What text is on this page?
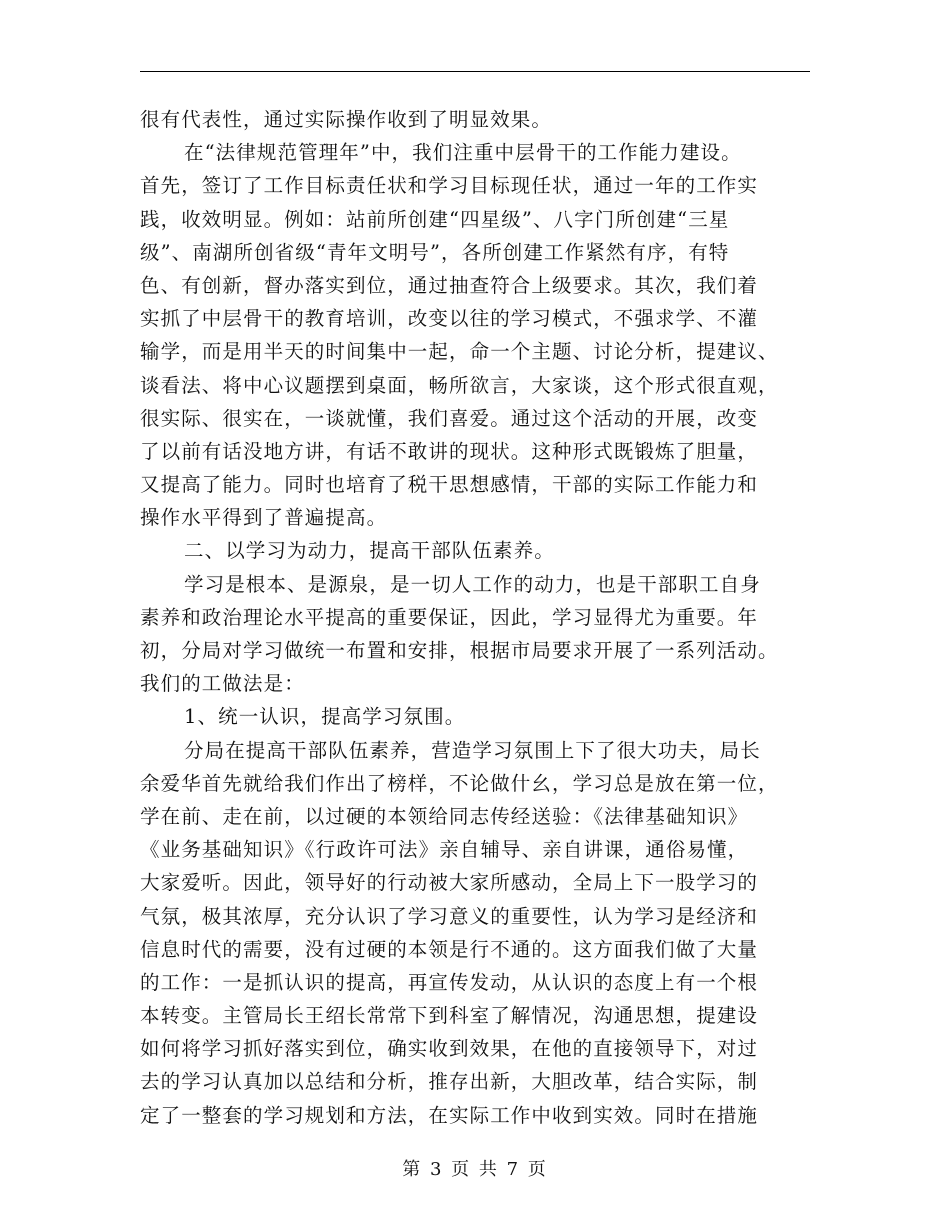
很有代表性，通过实际操作收到了明显效果。
在“法律规范管理年”中，我们注重中层骨干的工作能力建设。
首先，签订了工作目标责任状和学习目标现任状，通过一年的工作实
践，收效明显。例如：站前所创建“四星级”、八字门所创建“三星
级”、南湖所创省级“青年文明号”，各所创建工作紧然有序，有特
色、有创新，督办落实到位，通过抽查符合上级要求。其次，我们着
实抓了中层骨干的教育培训，改变以往的学习模式，不强求学、不灌
输学，而是用半天的时间集中一起，命一个主题、讨论分析，提建议、
谈看法、将中心议题摆到桌面，畅所欲言，大家谈，这个形式很直观，
很实际、很实在，一谈就懂，我们喜爱。通过这个活动的开展，改变
了以前有话没地方讲，有话不敢讲的现状。这种形式既锻炼了胆量，
又提高了能力。同时也培育了税干思想感情，干部的实际工作能力和
操作水平得到了普遍提高。
二、以学习为动力，提高干部队伍素养。
学习是根本、是源泉，是一切人工作的动力，也是干部职工自身
素养和政治理论水平提高的重要保证，因此，学习显得尤为重要。年
初，分局对学习做统一布置和安排，根据市局要求开展了一系列活动。
我们的工做法是：
1、统一认识，提高学习氛围。
分局在提高干部队伍素养，营造学习氛围上下了很大功夫，局长
余爱华首先就给我们作出了榜样，不论做什幺，学习总是放在第一位，
学在前、走在前，以过硬的本领给同志传经送验：《法律基础知识》
《业务基础知识》《行政许可法》亲自辅导、亲自讲课，通俗易懂，
大家爱听。因此，领导好的行动被大家所感动，全局上下一股学习的
气氛，极其浓厚，充分认识了学习意义的重要性，认为学习是经济和
信息时代的需要，没有过硬的本领是行不通的。这方面我们做了大量
的工作：一是抓认识的提高，再宣传发动，从认识的态度上有一个根
本转变。主管局长王绍长常常下到科室了解情况，沟通思想，提建设
如何将学习抓好落实到位，确实收到效果，在他的直接领导下，对过
去的学习认真加以总结和分析，推存出新，大胆改革，结合实际，制
定了一整套的学习规划和方法，在实际工作中收到实效。同时在措施
第 3 页 共 7 页
